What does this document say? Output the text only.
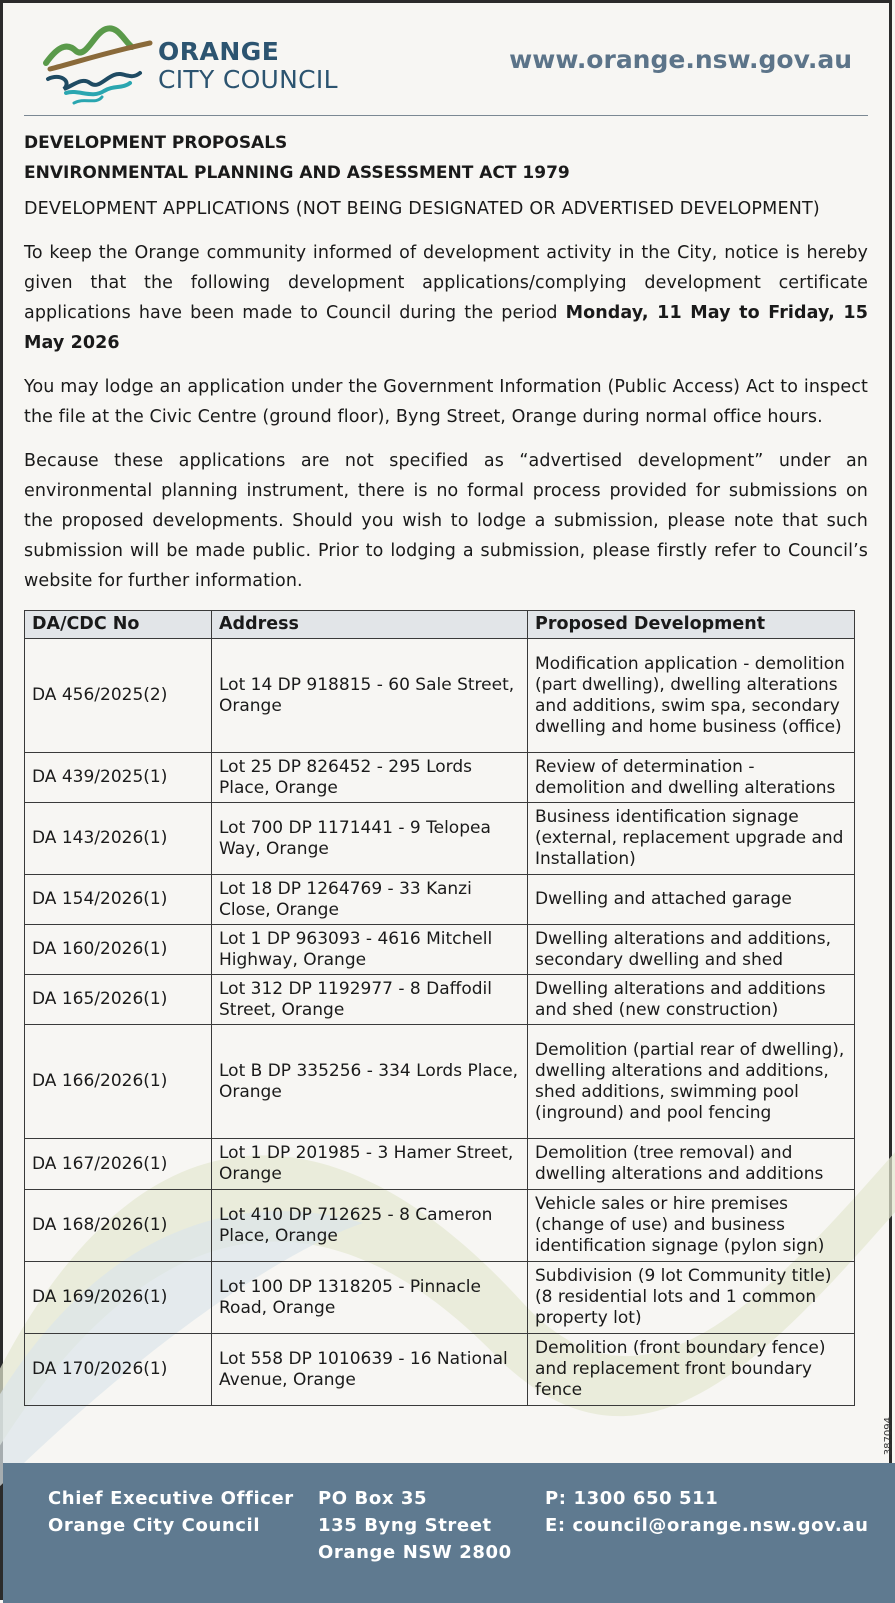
ORANGE
CITY COUNCIL
www.orange.nsw.gov.au
DEVELOPMENT PROPOSALS
ENVIRONMENTAL PLANNING AND ASSESSMENT ACT 1979
DEVELOPMENT APPLICATIONS (NOT BEING DESIGNATED OR ADVERTISED DEVELOPMENT)

To keep the Orange community informed of development activity in the City, notice is hereby given that the following development applications/complying development certificate applications have been made to Council during the period Monday, 11 May to Friday, 15 May 2026

You may lodge an application under the Government Information (Public Access) Act to inspect the file at the Civic Centre (ground floor), Byng Street, Orange during normal office hours.

Because these applications are not specified as “advertised development” under an environmental planning instrument, there is no formal process provided for submissions on the proposed developments. Should you wish to lodge a submission, please note that such submission will be made public. Prior to lodging a submission, please firstly refer to Council’s website for further information.

DA/CDC No	Address	Proposed Development
DA 456/2025(2)	Lot 14 DP 918815 - 60 Sale Street, Orange	Modification application - demolition (part dwelling), dwelling alterations and additions, swim spa, secondary dwelling and home business (office)
DA 439/2025(1)	Lot 25 DP 826452 - 295 Lords Place, Orange	Review of determination - demolition and dwelling alterations
DA 143/2026(1)	Lot 700 DP 1171441 - 9 Telopea Way, Orange	Business identification signage (external, replacement upgrade and Installation)
DA 154/2026(1)	Lot 18 DP 1264769 - 33 Kanzi Close, Orange	Dwelling and attached garage
DA 160/2026(1)	Lot 1 DP 963093 - 4616 Mitchell Highway, Orange	Dwelling alterations and additions, secondary dwelling and shed
DA 165/2026(1)	Lot 312 DP 1192977 - 8 Daffodil Street, Orange	Dwelling alterations and additions and shed (new construction)
DA 166/2026(1)	Lot B DP 335256 - 334 Lords Place, Orange	Demolition (partial rear of dwelling), dwelling alterations and additions, shed additions, swimming pool (inground) and pool fencing
DA 167/2026(1)	Lot 1 DP 201985 - 3 Hamer Street, Orange	Demolition (tree removal) and dwelling alterations and additions
DA 168/2026(1)	Lot 410 DP 712625 - 8 Cameron Place, Orange	Vehicle sales or hire premises (change of use) and business identification signage (pylon sign)
DA 169/2026(1)	Lot 100 DP 1318205 - Pinnacle Road, Orange	Subdivision (9 lot Community title) (8 residential lots and 1 common property lot)
DA 170/2026(1)	Lot 558 DP 1010639 - 16 National Avenue, Orange	Demolition (front boundary fence) and replacement front boundary fence
387094
Chief Executive Officer
Orange City Council
PO Box 35
135 Byng Street
Orange NSW 2800
P: 1300 650 511
E: council@orange.nsw.gov.au
